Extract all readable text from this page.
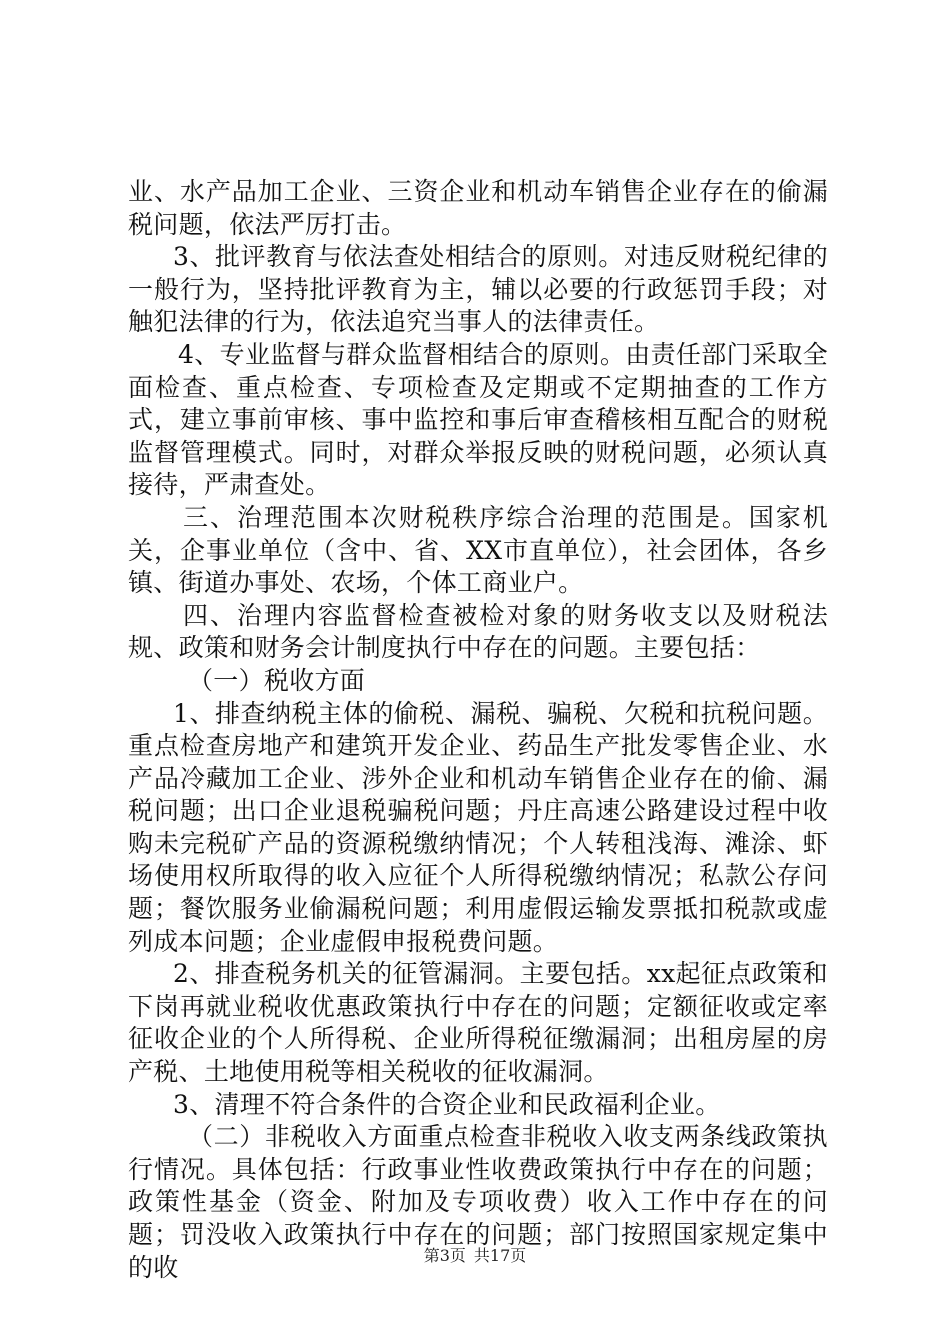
业、水产品加工企业、三资企业和机动车销售企业存在的偷漏税问题，依法严厉打击。

3、批评教育与依法查处相结合的原则。对违反财税纪律的一般行为，坚持批评教育为主，辅以必要的行政惩罚手段；对触犯法律的行为，依法追究当事人的法律责任。

4、专业监督与群众监督相结合的原则。由责任部门采取全面检查、重点检查、专项检查及定期或不定期抽查的工作方式，建立事前审核、事中监控和事后审查稽核相互配合的财税监督管理模式。同时，对群众举报反映的财税问题，必须认真接待，严肃查处。

三、治理范围本次财税秩序综合治理的范围是。国家机关，企事业单位（含中、省、XX市直单位），社会团体，各乡镇、街道办事处、农场，个体工商业户。

四、治理内容监督检查被检对象的财务收支以及财税法规、政策和财务会计制度执行中存在的问题。主要包括：

（一）税收方面

1、排查纳税主体的偷税、漏税、骗税、欠税和抗税问题。重点检查房地产和建筑开发企业、药品生产批发零售企业、水产品冷藏加工企业、涉外企业和机动车销售企业存在的偷、漏税问题；出口企业退税骗税问题；丹庄高速公路建设过程中收购未完税矿产品的资源税缴纳情况；个人转租浅海、滩涂、虾场使用权所取得的收入应征个人所得税缴纳情况；私款公存问题；餐饮服务业偷漏税问题；利用虚假运输发票抵扣税款或虚列成本问题；企业虚假申报税费问题。

2、排查税务机关的征管漏洞。主要包括。xx起征点政策和下岗再就业税收优惠政策执行中存在的问题；定额征收或定率征收企业的个人所得税、企业所得税征缴漏洞；出租房屋的房产税、土地使用税等相关税收的征收漏洞。

3、清理不符合条件的合资企业和民政福利企业。

（二）非税收入方面重点检查非税收入收支两条线政策执行情况。具体包括：行政事业性收费政策执行中存在的问题；政策性基金（资金、附加及专项收费）收入工作中存在的问题；罚没收入政策执行中存在的问题；部门按照国家规定集中的收	第3页 共17页
